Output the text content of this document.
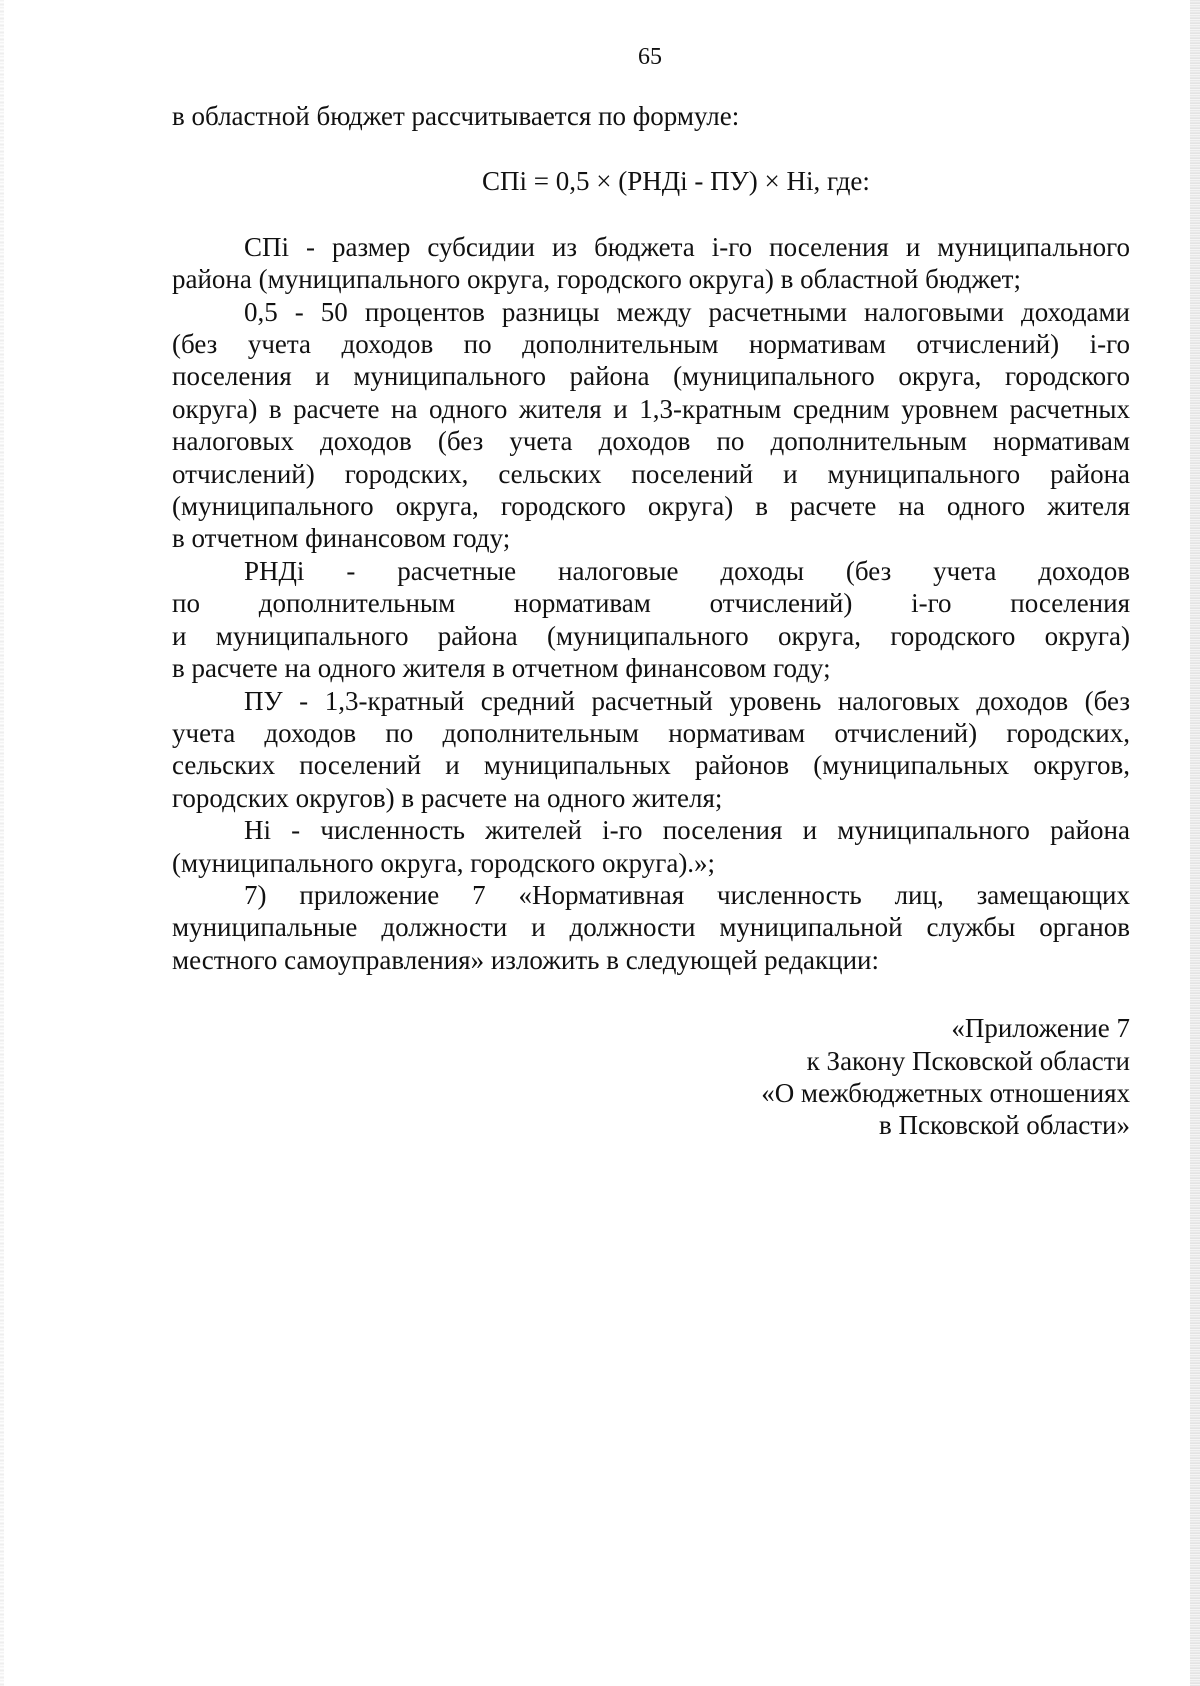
65
в областной бюджет рассчитывается по формуле:
СПi = 0,5 × (РНДi - ПУ) × Нi, где:
СПi - размер субсидии из бюджета i-го поселения и муниципального
района (муниципального округа, городского округа) в областной бюджет;
0,5 - 50 процентов разницы между расчетными налоговыми доходами
(без учета доходов по дополнительным нормативам отчислений) i-го
поселения и муниципального района (муниципального округа, городского
округа) в расчете на одного жителя и 1,3-кратным средним уровнем расчетных
налоговых доходов (без учета доходов по дополнительным нормативам
отчислений) городских, сельских поселений и муниципального района
(муниципального округа, городского округа) в расчете на одного жителя
в отчетном финансовом году;
РНДi - расчетные налоговые доходы (без учета доходов
по дополнительным нормативам отчислений) i-го поселения
и муниципального района (муниципального округа, городского округа)
в расчете на одного жителя в отчетном финансовом году;
ПУ - 1,3-кратный средний расчетный уровень налоговых доходов (без
учета доходов по дополнительным нормативам отчислений) городских,
сельских поселений и муниципальных районов (муниципальных округов,
городских округов) в расчете на одного жителя;
Нi - численность жителей i-го поселения и муниципального района
(муниципального округа, городского округа).»;
7) приложение 7 «Нормативная численность лиц, замещающих
муниципальные должности и должности муниципальной службы органов
местного самоуправления» изложить в следующей редакции:
«Приложение 7
к Закону Псковской области
«О межбюджетных отношениях
в Псковской области»
